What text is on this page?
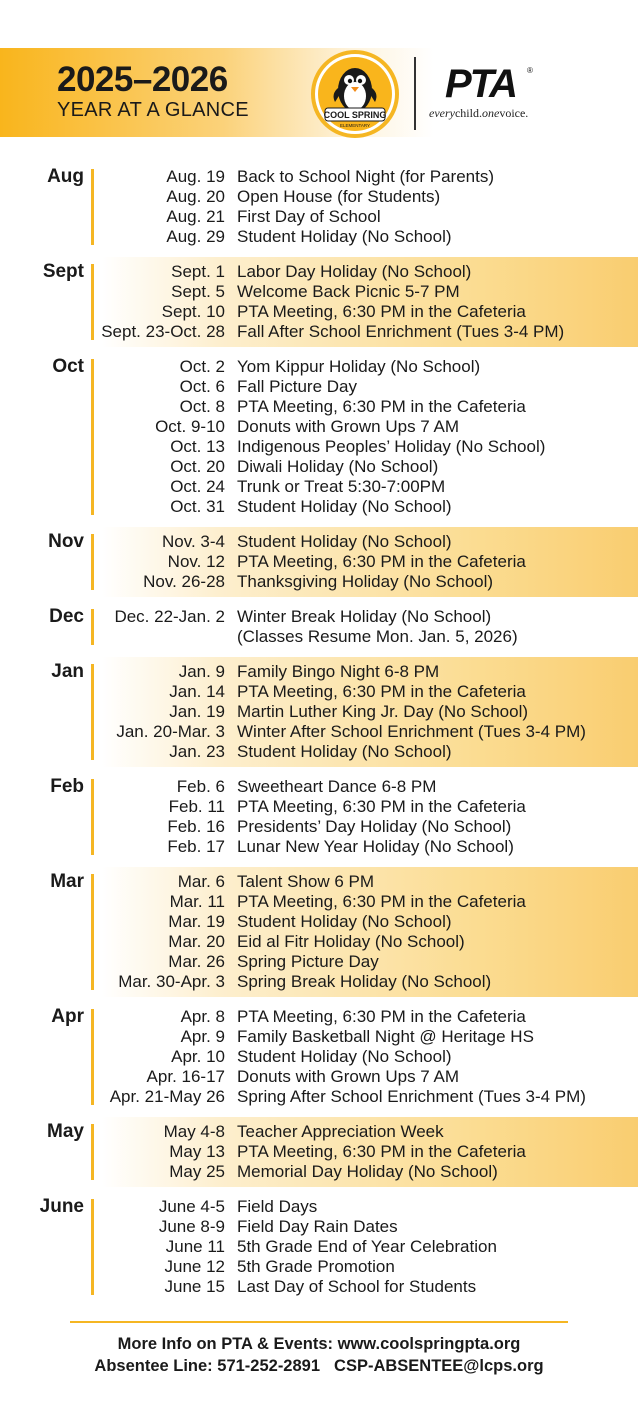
2025–2026
YEAR AT A GLANCE	COOL SPRING
ELEMENTARY
PTA ®
everychild.onevoice.
Aug	Aug. 19 Back to School Night (for Parents)
Aug. 20 Open House (for Students)
Aug. 21 First Day of School
Aug. 29 Student Holiday (No School)
Sept	Sept. 1 Labor Day Holiday (No School)
Sept. 5 Welcome Back Picnic 5-7 PM
Sept. 10 PTA Meeting, 6:30 PM in the Cafeteria
Sept. 23-Oct. 28 Fall After School Enrichment (Tues 3-4 PM)
Oct	Oct. 2 Yom Kippur Holiday (No School)
Oct. 6 Fall Picture Day
Oct. 8 PTA Meeting, 6:30 PM in the Cafeteria
Oct. 9-10 Donuts with Grown Ups 7 AM
Oct. 13 Indigenous Peoples’ Holiday (No School)
Oct. 20 Diwali Holiday (No School)
Oct. 24 Trunk or Treat 5:30-7:00PM
Oct. 31 Student Holiday (No School)
Nov	Nov. 3-4 Student Holiday (No School)
Nov. 12 PTA Meeting, 6:30 PM in the Cafeteria
Nov. 26-28 Thanksgiving Holiday (No School)
Dec Dec. 22-Jan. 2 Winter Break Holiday (No School)
(Classes Resume Mon. Jan. 5, 2026)
Jan	Jan. 9 Family Bingo Night 6-8 PM
Jan. 14 PTA Meeting, 6:30 PM in the Cafeteria
Jan. 19 Martin Luther King Jr. Day (No School)
Jan. 20-Mar. 3 Winter After School Enrichment (Tues 3-4 PM)
Jan. 23 Student Holiday (No School)
Feb	Feb. 6 Sweetheart Dance 6-8 PM
Feb. 11 PTA Meeting, 6:30 PM in the Cafeteria
Feb. 16 Presidents’ Day Holiday (No School)
Feb. 17 Lunar New Year Holiday (No School)
Mar	Mar. 6 Talent Show 6 PM
Mar. 11 PTA Meeting, 6:30 PM in the Cafeteria
Mar. 19 Student Holiday (No School)
Mar. 20 Eid al Fitr Holiday (No School)
Mar. 26 Spring Picture Day
Mar. 30-Apr. 3 Spring Break Holiday (No School)
Apr	Apr. 8 PTA Meeting, 6:30 PM in the Cafeteria
Apr. 9 Family Basketball Night @ Heritage HS
Apr. 10 Student Holiday (No School)
Apr. 16-17 Donuts with Grown Ups 7 AM
Apr. 21-May 26 Spring After School Enrichment (Tues 3-4 PM)
May	May 4-8 Teacher Appreciation Week
May 13 PTA Meeting, 6:30 PM in the Cafeteria
May 25 Memorial Day Holiday (No School)
June	June 4-5 Field Days
June 8-9 Field Day Rain Dates
June 11 5th Grade End of Year Celebration
June 12 5th Grade Promotion
June 15 Last Day of School for Students
More Info on PTA & Events: www.coolspringpta.org
Absentee Line: 571-252-2891 CSP-ABSENTEE@lcps.org
